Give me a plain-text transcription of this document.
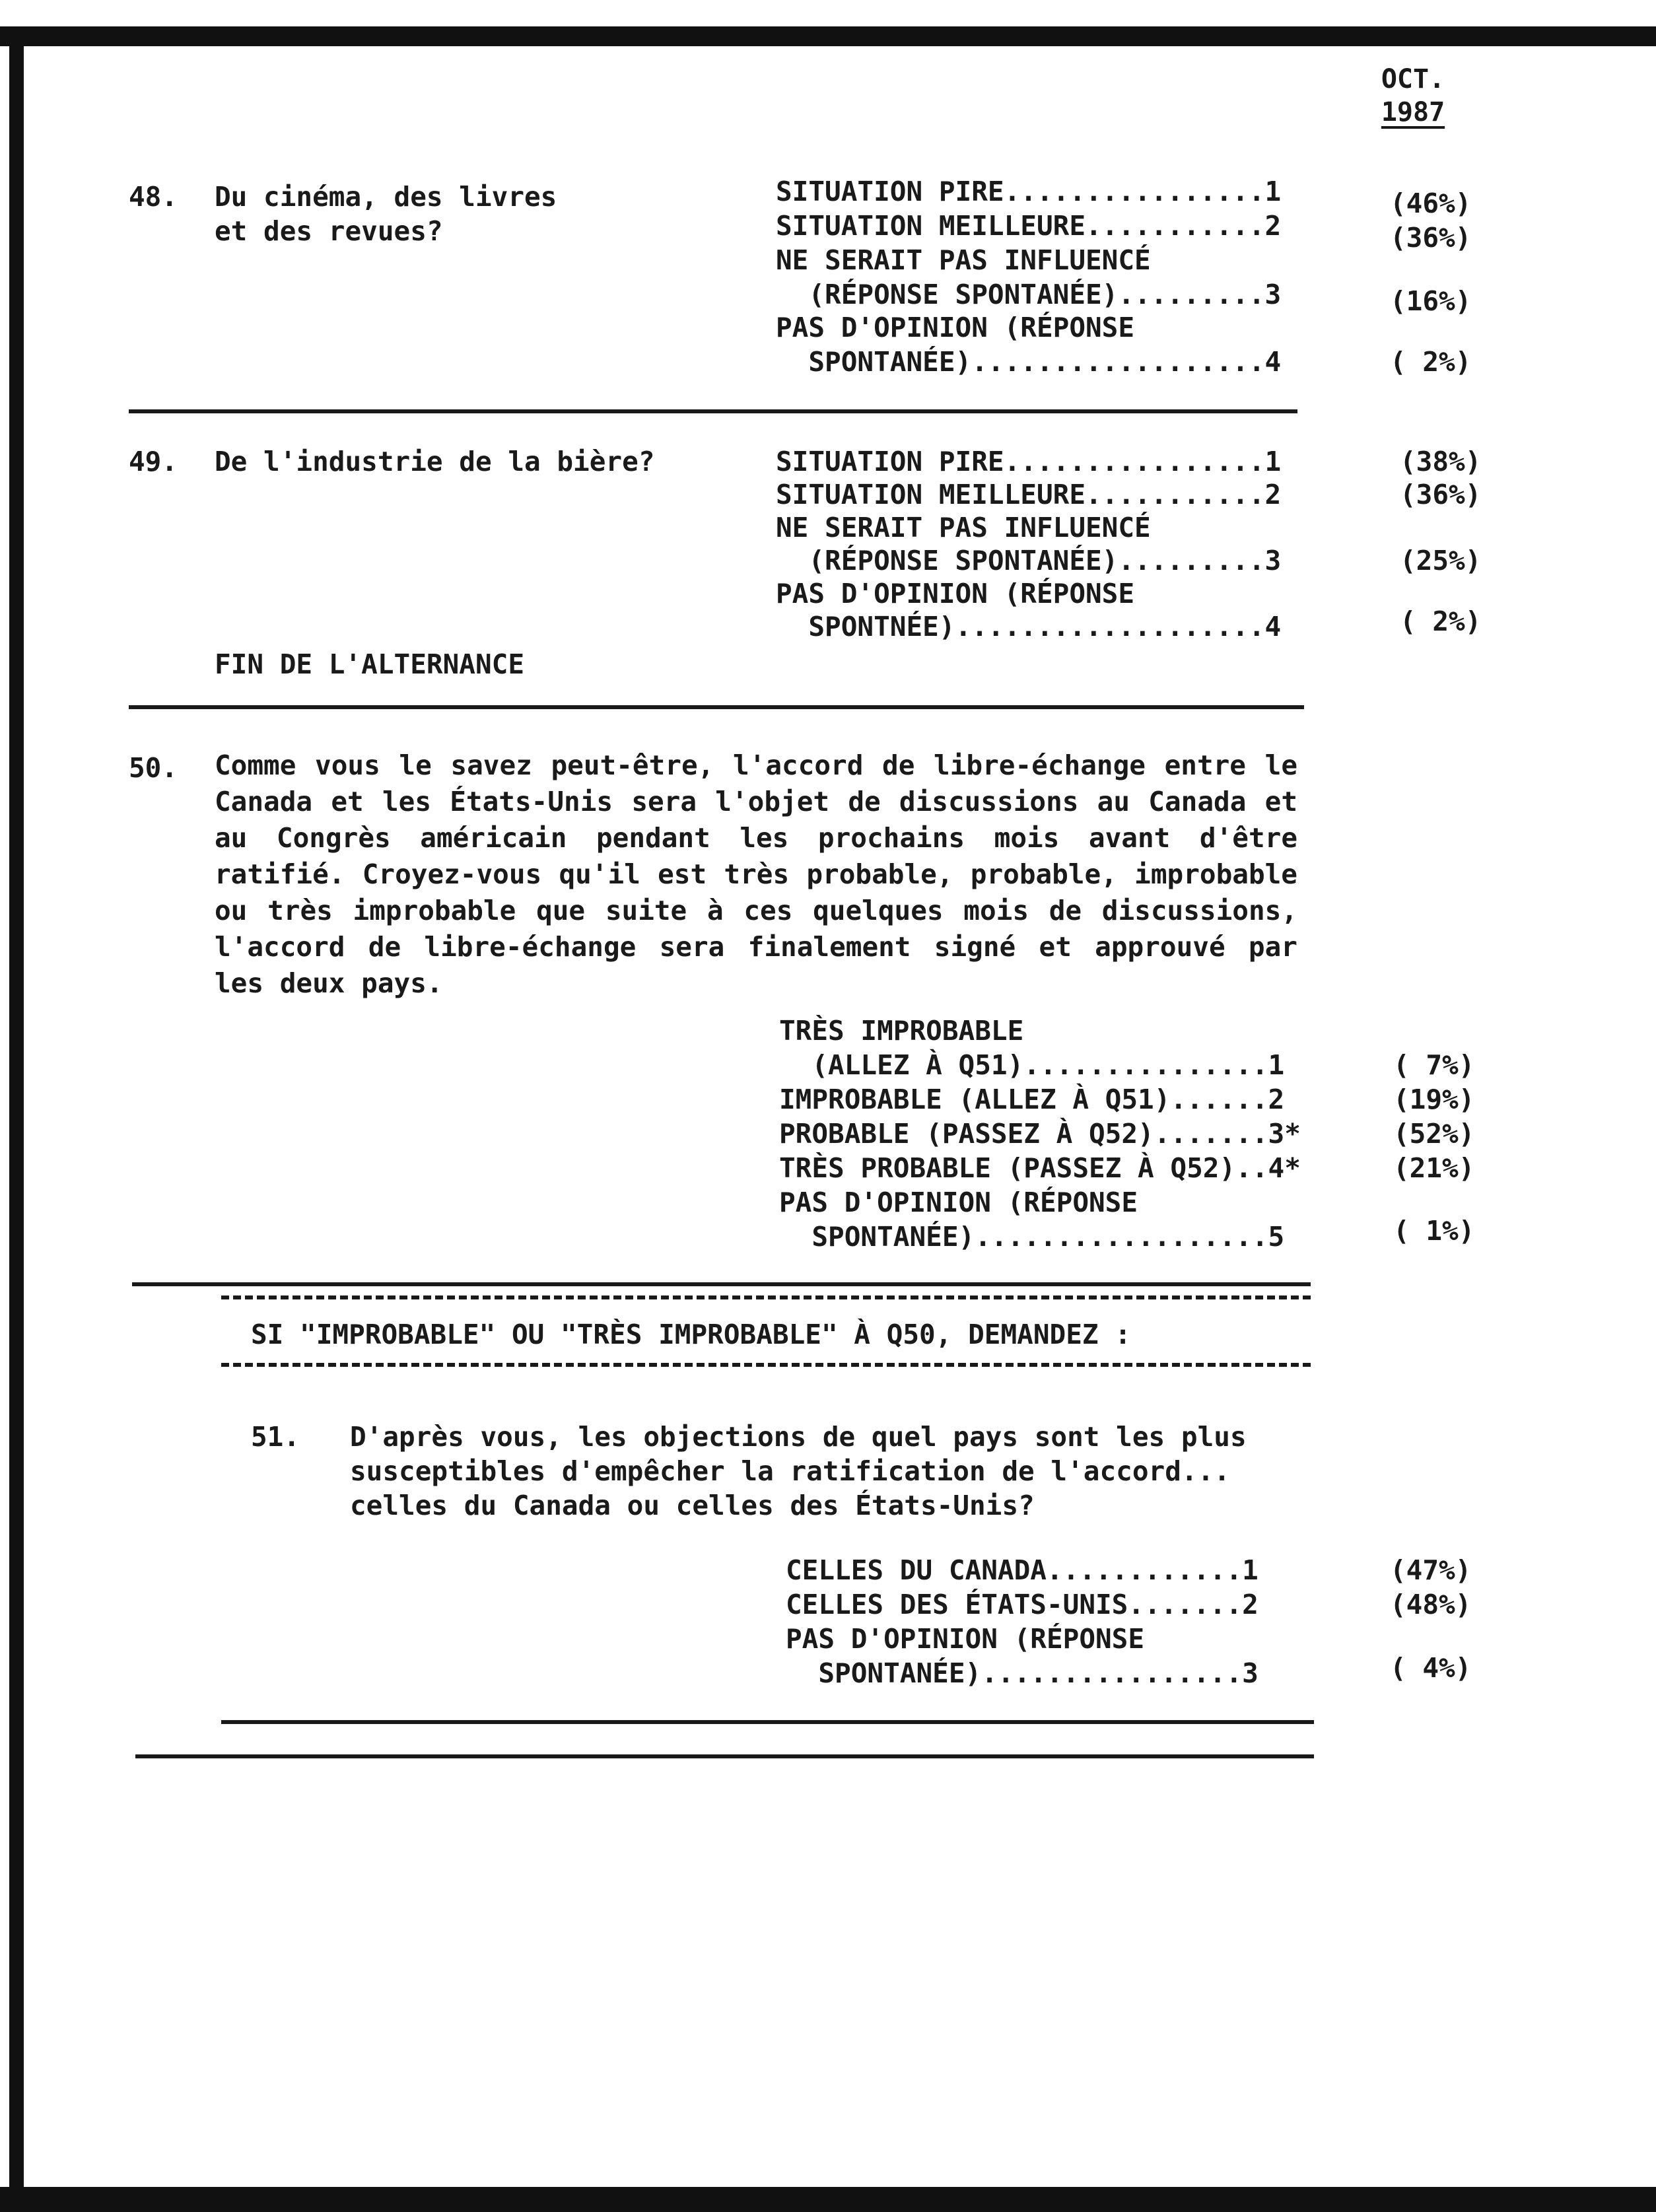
OCT.
1987
48. Du cinéma, des livres
et des revues?
SITUATION PIRE................1
SITUATION MEILLEURE...........2
NE SERAIT PAS INFLUENCÉ
(RÉPONSE SPONTANÉE).........3
PAS D'OPINION (RÉPONSE
SPONTANÉE)..................4
(46%)
(36%)
(16%)
( 2%)
49. De l'industrie de la bière?	SITUATION PIRE................1
SITUATION MEILLEURE...........2
NE SERAIT PAS INFLUENCÉ
(RÉPONSE SPONTANÉE).........3
PAS D'OPINION (RÉPONSE
SPONTNÉE)...................4
(38%)
(36%)
(25%)
( 2%)
FIN DE L'ALTERNANCE
50. Comme vous le savez peut-être, l'accord de libre-échange entre le Canada et les États-Unis sera l'objet de discussions au Canada et au Congrès américain pendant les prochains mois avant d'être ratifié. Croyez-vous qu'il est très probable, probable, improbable ou très improbable que suite à ces quelques mois de discussions, l'accord de libre-échange sera finalement signé et approuvé par les deux pays.
TRÈS IMPROBABLE
(ALLEZ À Q51)...............1
IMPROBABLE (ALLEZ À Q51)......2
PROBABLE (PASSEZ À Q52).......3*
TRÈS PROBABLE (PASSEZ À Q52)..4*
PAS D'OPINION (RÉPONSE
SPONTANÉE)..................5
( 7%)
(19%)
(52%)
(21%)
( 1%)
SI "IMPROBABLE" OU "TRÈS IMPROBABLE" À Q50, DEMANDEZ :
51. D'après vous, les objections de quel pays sont les plus
susceptibles d'empêcher la ratification de l'accord...
celles du Canada ou celles des États-Unis?
CELLES DU CANADA............1
CELLES DES ÉTATS-UNIS.......2
PAS D'OPINION (RÉPONSE
SPONTANÉE)................3
(47%)
(48%)
( 4%)
